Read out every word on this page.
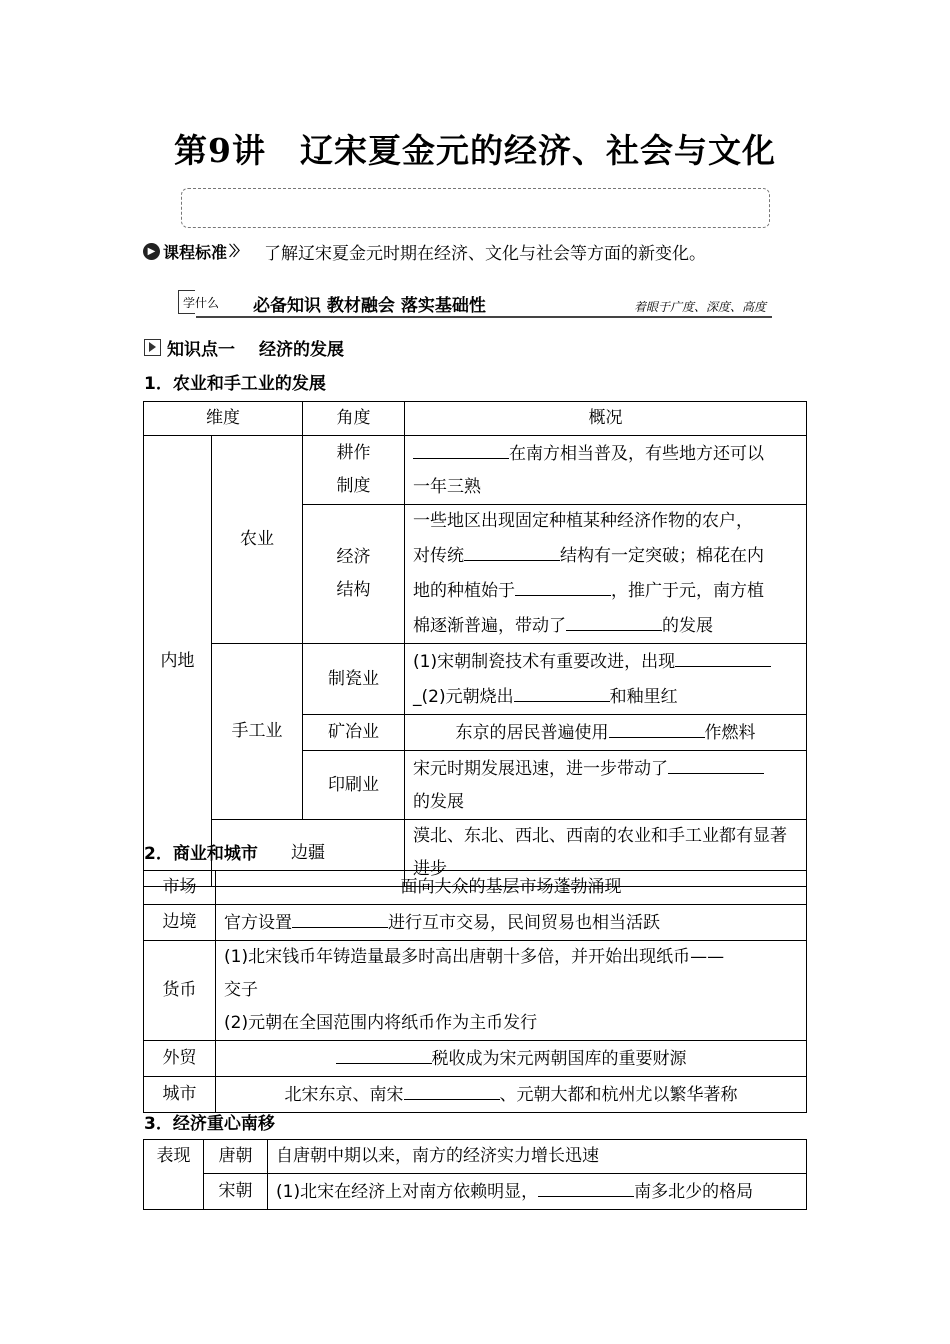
第9讲　辽宋夏金元的经济、社会与文化
▶ 课程标准 〉〉 了解辽宋夏金元时期在经济、文化与社会等方面的新变化。
学什么 必备知识 教材融会 落实基础性	着眼于广度、深度、高度
知识点一 经济的发展
1．农业和手工业的发展
维度		角度	概况
内地	农业	耕作
制度	在南方相当普及，有些地方还可以
一年三熟
		经济
结构	一些地区出现固定种植某种经济作物的农户，
对传统 结构有一定突破；棉花在内
地的种植始于 ，推广于元，南方植
棉逐渐普遍，带动了 的发展
	手工业	制瓷业	(1)宋朝制瓷技术有重要改进，出现
_(2)元朝烧出 和釉里红
		矿冶业	东京的居民普遍使用 作燃料
		印刷业	宋元时期发展迅速，进一步带动了
的发展
	边疆		漠北、东北、西北、西南的农业和手工业都有显著进步
2．商业和城市
市场	面向大众的基层市场蓬勃涌现
边境	官方设置 进行互市交易，民间贸易也相当活跃
货币	(1)北宋钱币年铸造量最多时高出唐朝十多倍，并开始出现纸币——
交子
(2)元朝在全国范围内将纸币作为主币发行
外贸	税收成为宋元两朝国库的重要财源
城市	北宋东京、南宋 、元朝大都和杭州尤以繁华著称
3．经济重心南移
表现	唐朝	自唐朝中期以来，南方的经济实力增长迅速
	宋朝	(1)北宋在经济上对南方依赖明显， 南多北少的格局
